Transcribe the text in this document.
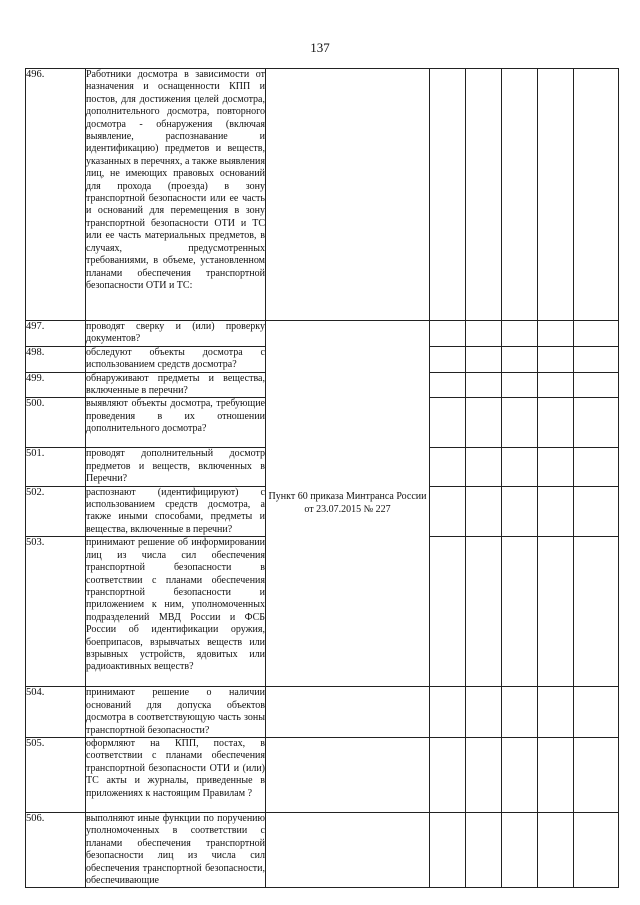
137
496.	Работники досмотра в зависимости от назначения и оснащенности КПП и постов, для достижения целей досмотра, дополнительного досмотра, повторного досмотра - обнаружения (включая выявление, распознавание и идентификацию) предметов и веществ, указанных в перечнях, а также выявления лиц, не имеющих правовых оснований для прохода (проезда) в зону транспортной безопасности или ее часть и оснований для перемещения в зону транспортной безопасности ОТИ и ТС или ее часть материальных предметов, в случаях, предусмотренных требованиями, в объеме, установленном планами обеспечения транспортной безопасности ОТИ и ТС:						
497.	проводят сверку и (или) проверку документов?	Пункт 60 приказа Минтранса России от 23.07.2015 № 227					
498.	обследуют объекты досмотра с использованием средств досмотра?						
499.	обнаруживают предметы и вещества, включенные в перечни?						
500.	выявляют объекты досмотра, требующие проведения в их отношении дополнительного досмотра?						
501.	проводят дополнительный досмотр предметов и веществ, включенных в Перечни?						
502.	распознают (идентифицируют) с использованием средств досмотра, а также иными способами, предметы и вещества, включенные в перечни?						
503.	принимают решение об информировании лиц из числа сил обеспечения транспортной безопасности в соответствии с планами обеспечения транспортной безопасности и приложением к ним, уполномоченных подразделений МВД России и ФСБ России об идентификации оружия, боеприпасов, взрывчатых веществ или взрывных устройств, ядовитых или радиоактивных веществ?						
504.	принимают решение о наличии оснований для допуска объектов досмотра в соответствующую часть зоны транспортной безопасности?						
505.	оформляют на КПП, постах, в соответствии с планами обеспечения транспортной безопасности ОТИ и (или) ТС акты и журналы, приведенные в приложениях к настоящим Правилам ?						
506.	выполняют иные функции по поручению уполномоченных в соответствии с планами обеспечения транспортной безопасности лиц из числа сил обеспечения транспортной безопасности, обеспечивающие						
